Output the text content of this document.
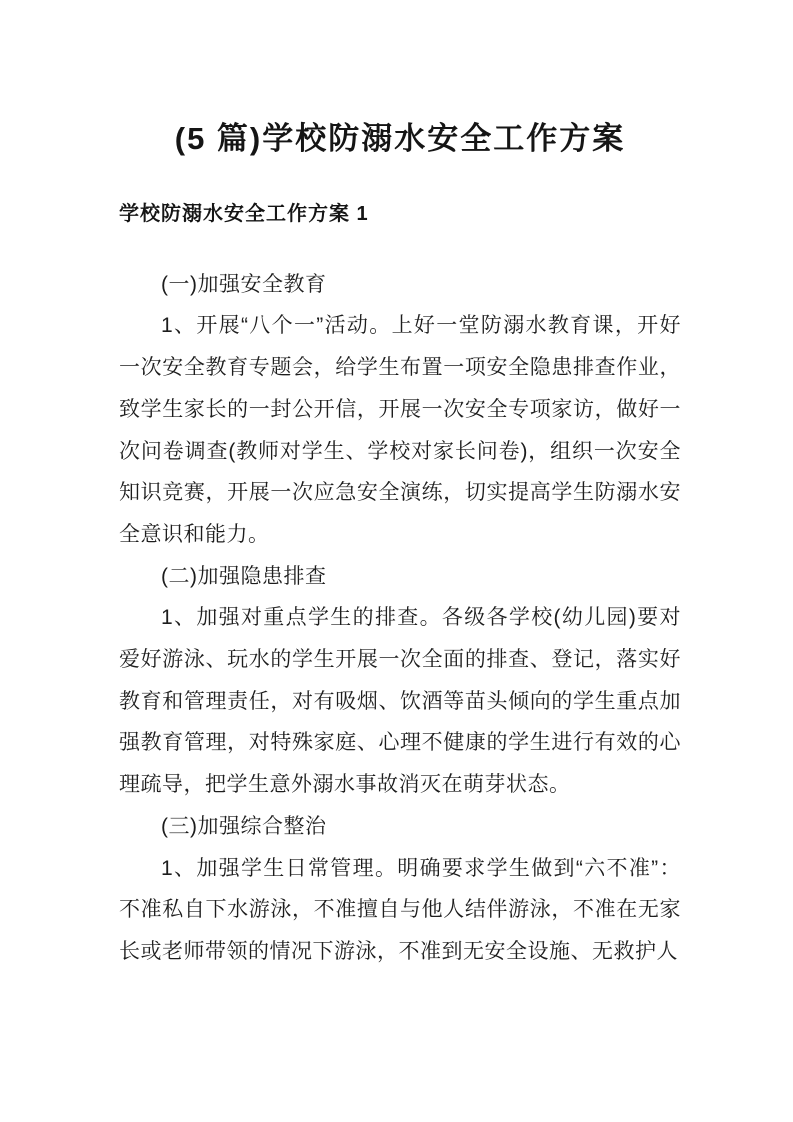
(5 篇)学校防溺水安全工作方案
学校防溺水安全工作方案 1

(一)加强安全教育

1、开展“八个一”活动。上好一堂防溺水教育课，开好一次安全教育专题会，给学生布置一项安全隐患排查作业，致学生家长的一封公开信，开展一次安全专项家访，做好一次问卷调查(教师对学生、学校对家长问卷)，组织一次安全知识竞赛，开展一次应急安全演练，切实提高学生防溺水安全意识和能力。

(二)加强隐患排查

1、加强对重点学生的排查。各级各学校(幼儿园)要对爱好游泳、玩水的学生开展一次全面的排查、登记，落实好教育和管理责任，对有吸烟、饮酒等苗头倾向的学生重点加强教育管理，对特殊家庭、心理不健康的学生进行有效的心理疏导，把学生意外溺水事故消灭在萌芽状态。

(三)加强综合整治

1、加强学生日常管理。明确要求学生做到“六不准”：不准私自下水游泳，不准擅自与他人结伴游泳，不准在无家长或老师带领的情况下游泳，不准到无安全设施、无救护人
